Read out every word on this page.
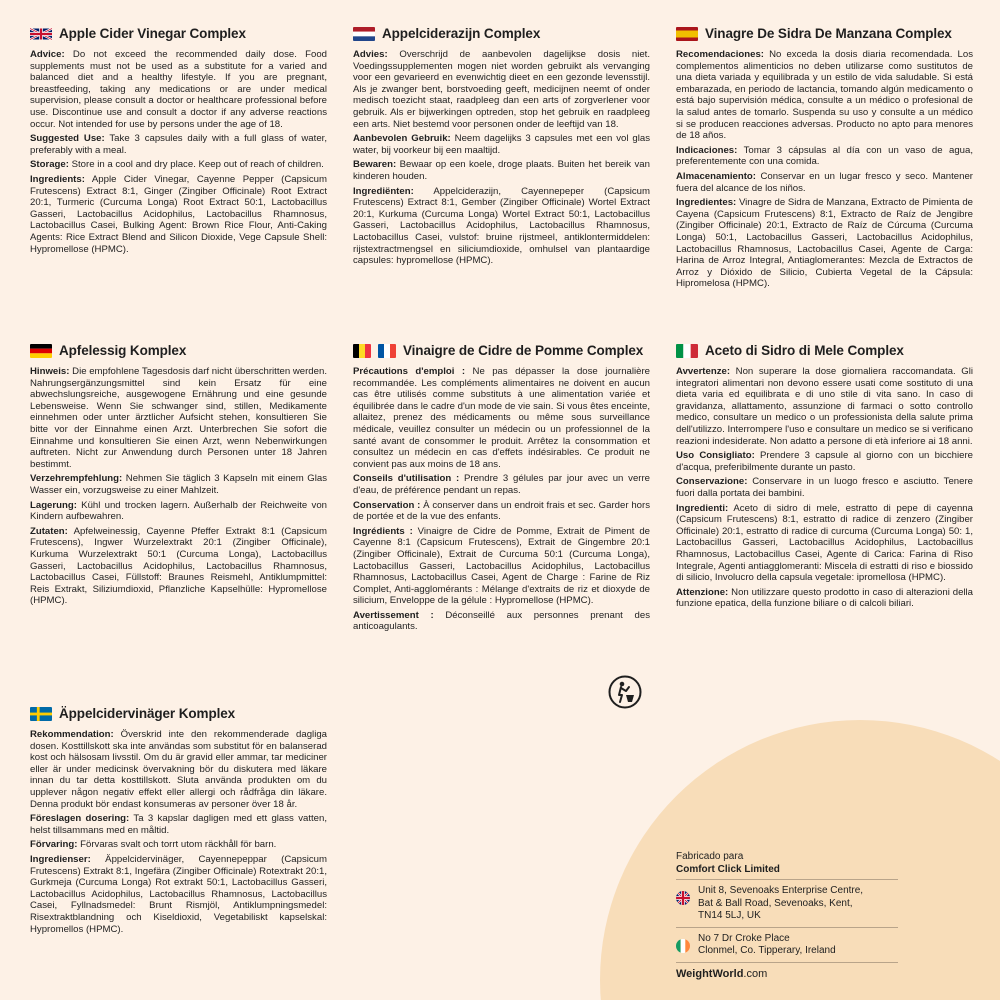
Apple Cider Vinegar Complex

Advice: Do not exceed the recommended daily dose. Food supplements must not be used as a substitute for a varied and balanced diet and a healthy lifestyle. If you are pregnant, breastfeeding, taking any medications or are under medical supervision, please consult a doctor or healthcare professional before use. Discontinue use and consult a doctor if any adverse reactions occur. Not intended for use by persons under the age of 18.

Suggested Use: Take 3 capsules daily with a full glass of water, preferably with a meal.

Storage: Store in a cool and dry place. Keep out of reach of children.

Ingredients: Apple Cider Vinegar, Cayenne Pepper (Capsicum Frutescens) Extract 8:1, Ginger (Zingiber Officinale) Root Extract 20:1, Turmeric (Curcuma Longa) Root Extract 50:1, Lactobacillus Gasseri, Lactobacillus Acidophilus, Lactobacillus Rhamnosus, Lactobacillus Casei, Bulking Agent: Brown Rice Flour, Anti-Caking Agents: Rice Extract Blend and Silicon Dioxide, Vege Capsule Shell: Hypromellose (HPMC).

Appelciderazijn Complex

Advies: Overschrijd de aanbevolen dagelijkse dosis niet. Voedingssupplementen mogen niet worden gebruikt als vervanging voor een gevarieerd en evenwichtig dieet en een gezonde levensstijl. Als je zwanger bent, borstvoeding geeft, medicijnen neemt of onder medisch toezicht staat, raadpleeg dan een arts of zorgverlener voor gebruik. Als er bijwerkingen optreden, stop het gebruik en raadpleeg een arts. Niet bestemd voor personen onder de leeftijd van 18.

Aanbevolen Gebruik: Neem dagelijks 3 capsules met een vol glas water, bij voorkeur bij een maaltijd.

Bewaren: Bewaar op een koele, droge plaats. Buiten het bereik van kinderen houden.

Ingrediënten: Appelciderazijn, Cayennepeper (Capsicum Frutescens) Extract 8:1, Gember (Zingiber Officinale) Wortel Extract 20:1, Kurkuma (Curcuma Longa) Wortel Extract 50:1, Lactobacillus Gasseri, Lactobacillus Acidophilus, Lactobacillus Rhamnosus, Lactobacillus Casei, vulstof: bruine rijstmeel, antiklontermiddelen: rijstextractmengsel en siliciumdioxide, omhulsel van plantaardige capsules: hypromellose (HPMC).

Vinagre De Sidra De Manzana Complex

Recomendaciones: No exceda la dosis diaria recomendada. Los complementos alimenticios no deben utilizarse como sustitutos de una dieta variada y equilibrada y un estilo de vida saludable. Si está embarazada, en periodo de lactancia, tomando algún medicamento o está bajo supervisión médica, consulte a un médico o profesional de la salud antes de tomarlo. Suspenda su uso y consulte a un médico si se producen reacciones adversas. Producto no apto para menores de 18 años.

Indicaciones: Tomar 3 cápsulas al día con un vaso de agua, preferentemente con una comida.

Almacenamiento: Conservar en un lugar fresco y seco. Mantener fuera del alcance de los niños.

Ingredientes: Vinagre de Sidra de Manzana, Extracto de Pimienta de Cayena (Capsicum Frutescens) 8:1, Extracto de Raíz de Jengibre (Zingiber Officinale) 20:1, Extracto de Raíz de Cúrcuma (Curcuma Longa) 50:1, Lactobacillus Gasseri, Lactobacillus Acidophilus, Lactobacillus Rhamnosus, Lactobacillus Casei, Agente de Carga: Harina de Arroz Integral, Antiaglomerantes: Mezcla de Extractos de Arroz y Dióxido de Silicio, Cubierta Vegetal de la Cápsula: Hipromelosa (HPMC).

Apfelessig Komplex

Hinweis: Die empfohlene Tagesdosis darf nicht überschritten werden. Nahrungsergänzungsmittel sind kein Ersatz für eine abwechslungsreiche, ausgewogene Ernährung und eine gesunde Lebensweise. Wenn Sie schwanger sind, stillen, Medikamente einnehmen oder unter ärztlicher Aufsicht stehen, konsultieren Sie bitte vor der Einnahme einen Arzt. Unterbrechen Sie sofort die Einnahme und konsultieren Sie einen Arzt, wenn Nebenwirkungen auftreten. Nicht zur Anwendung durch Personen unter 18 Jahren bestimmt.

Verzehrempfehlung: Nehmen Sie täglich 3 Kapseln mit einem Glas Wasser ein, vorzugsweise zu einer Mahlzeit.

Lagerung: Kühl und trocken lagern. Außerhalb der Reichweite von Kindern aufbewahren.

Zutaten: Apfelweinessig, Cayenne Pfeffer Extrakt 8:1 (Capsicum Frutescens), Ingwer Wurzelextrakt 20:1 (Zingiber Officinale), Kurkuma Wurzelextrakt 50:1 (Curcuma Longa), Lactobacillus Gasseri, Lactobacillus Acidophilus, Lactobacillus Rhamnosus, Lactobacillus Casei, Füllstoff: Braunes Reismehl, Antiklumpmittel: Reis Extrakt, Siliziumdioxid, Pflanzliche Kapselhülle: Hypromellose (HPMC).

Vinaigre de Cidre de Pomme Complex

Précautions d'emploi : Ne pas dépasser la dose journalière recommandée. Les compléments alimentaires ne doivent en aucun cas être utilisés comme substituts à une alimentation variée et équilibrée dans le cadre d'un mode de vie sain. Si vous êtes enceinte, allaitez, prenez des médicaments ou même sous surveillance médicale, veuillez consulter un médecin ou un professionnel de la santé avant de consommer le produit. Arrêtez la consommation et consultez un médecin en cas d'effets indésirables. Ce produit ne convient pas aux moins de 18 ans.

Conseils d'utilisation : Prendre 3 gélules par jour avec un verre d'eau, de préférence pendant un repas.

Conservation : À conserver dans un endroit frais et sec. Garder hors de portée et de la vue des enfants.

Ingrédients : Vinaigre de Cidre de Pomme, Extrait de Piment de Cayenne 8:1 (Capsicum Frutescens), Extrait de Gingembre 20:1 (Zingiber Officinale), Extrait de Curcuma 50:1 (Curcuma Longa), Lactobacillus Gasseri, Lactobacillus Acidophilus, Lactobacillus Rhamnosus, Lactobacillus Casei, Agent de Charge : Farine de Riz Complet, Anti-agglomérants : Mélange d'extraits de riz et dioxyde de silicium, Enveloppe de la gélule : Hypromellose (HPMC).

Avertissement : Déconseillé aux personnes prenant des anticoagulants.

Aceto di Sidro di Mele Complex

Avvertenze: Non superare la dose giornaliera raccomandata. Gli integratori alimentari non devono essere usati come sostituto di una dieta varia ed equilibrata e di uno stile di vita sano. In caso di gravidanza, allattamento, assunzione di farmaci o sotto controllo medico, consultare un medico o un professionista della salute prima dell'utilizzo. Interrompere l'uso e consultare un medico se si verificano reazioni indesiderate. Non adatto a persone di età inferiore ai 18 anni.

Uso Consigliato: Prendere 3 capsule al giorno con un bicchiere d'acqua, preferibilmente durante un pasto.

Conservazione: Conservare in un luogo fresco e asciutto. Tenere fuori dalla portata dei bambini.

Ingredienti: Aceto di sidro di mele, estratto di pepe di cayenna (Capsicum Frutescens) 8:1, estratto di radice di zenzero (Zingiber Officinale) 20:1, estratto di radice di curcuma (Curcuma Longa) 50: 1, Lactobacillus Gasseri, Lactobacillus Acidophilus, Lactobacillus Rhamnosus, Lactobacillus Casei, Agente di Carica: Farina di Riso Integrale, Agenti antiagglomeranti: Miscela di estratti di riso e biossido di silicio, Involucro della capsula vegetale: ipromellosa (HPMC).

Attenzione: Non utilizzare questo prodotto in caso di alterazioni della funzione epatica, della funzione biliare o di calcoli biliari.

Äppelcidervinäger Komplex

Rekommendation: Överskrid inte den rekommenderade dagliga dosen. Kosttillskott ska inte användas som substitut för en balanserad kost och hälsosam livsstil. Om du är gravid eller ammar, tar mediciner eller är under medicinsk övervakning bör du diskutera med läkare innan du tar detta kosttillskott. Sluta använda produkten om du upplever någon negativ effekt eller allergi och rådfråga din läkare. Denna produkt bör endast konsumeras av personer över 18 år.

Föreslagen dosering: Ta 3 kapslar dagligen med ett glass vatten, helst tillsammans med en måltid.

Förvaring: Förvaras svalt och torrt utom räckhåll för barn.

Ingredienser: Äppelcidervinäger, Cayennepeppar (Capsicum Frutescens) Extrakt 8:1, Ingefära (Zingiber Officinale) Rotextrakt 20:1, Gurkmeja (Curcuma Longa) Rot extrakt 50:1, Lactobacillus Gasseri, Lactobacillus Acidophilus, Lactobacillus Rhamnosus, Lactobacillus Casei, Fyllnadsmedel: Brunt Rismjöl, Antiklumpningsmedel: Risextraktblandning och Kiseldioxid, Vegetabiliskt kapselskal: Hypromellos (HPMC).

Fabricado para
Comfort Click Limited
Unit 8, Sevenoaks Enterprise Centre,
Bat & Ball Road, Sevenoaks, Kent,
TN14 5LJ, UK
No 7 Dr Croke Place
Clonmel, Co. Tipperary, Ireland
WeightWorld.com
